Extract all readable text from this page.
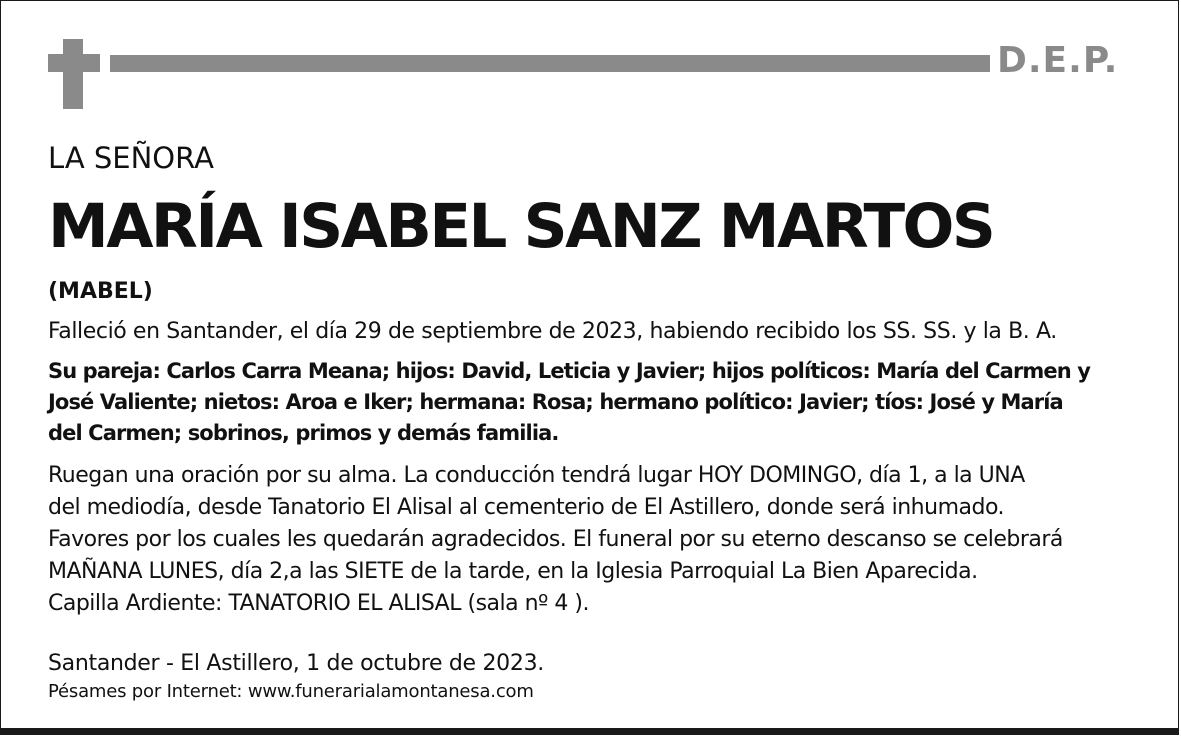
D.E.P.
LA SEÑORA
MARÍA ISABEL SANZ MARTOS
(MABEL)
Falleció en Santander, el día 29 de septiembre de 2023, habiendo recibido los SS. SS. y la B. A.
Su pareja: Carlos Carra Meana; hijos: David, Leticia y Javier; hijos políticos: María del Carmen y
José Valiente; nietos: Aroa e Iker; hermana: Rosa; hermano político: Javier; tíos: José y María
del Carmen; sobrinos, primos y demás familia.
Ruegan una oración por su alma. La conducción tendrá lugar HOY DOMINGO, día 1, a la UNA
del mediodía, desde Tanatorio El Alisal al cementerio de El Astillero, donde será inhumado.
Favores por los cuales les quedarán agradecidos. El funeral por su eterno descanso se celebrará
MAÑANA LUNES, día 2,a las SIETE de la tarde, en la Iglesia Parroquial La Bien Aparecida.
Capilla Ardiente: TANATORIO EL ALISAL (sala nº 4 ).
Santander - El Astillero, 1 de octubre de 2023.
Pésames por Internet: www.funerarialamontanesa.com
